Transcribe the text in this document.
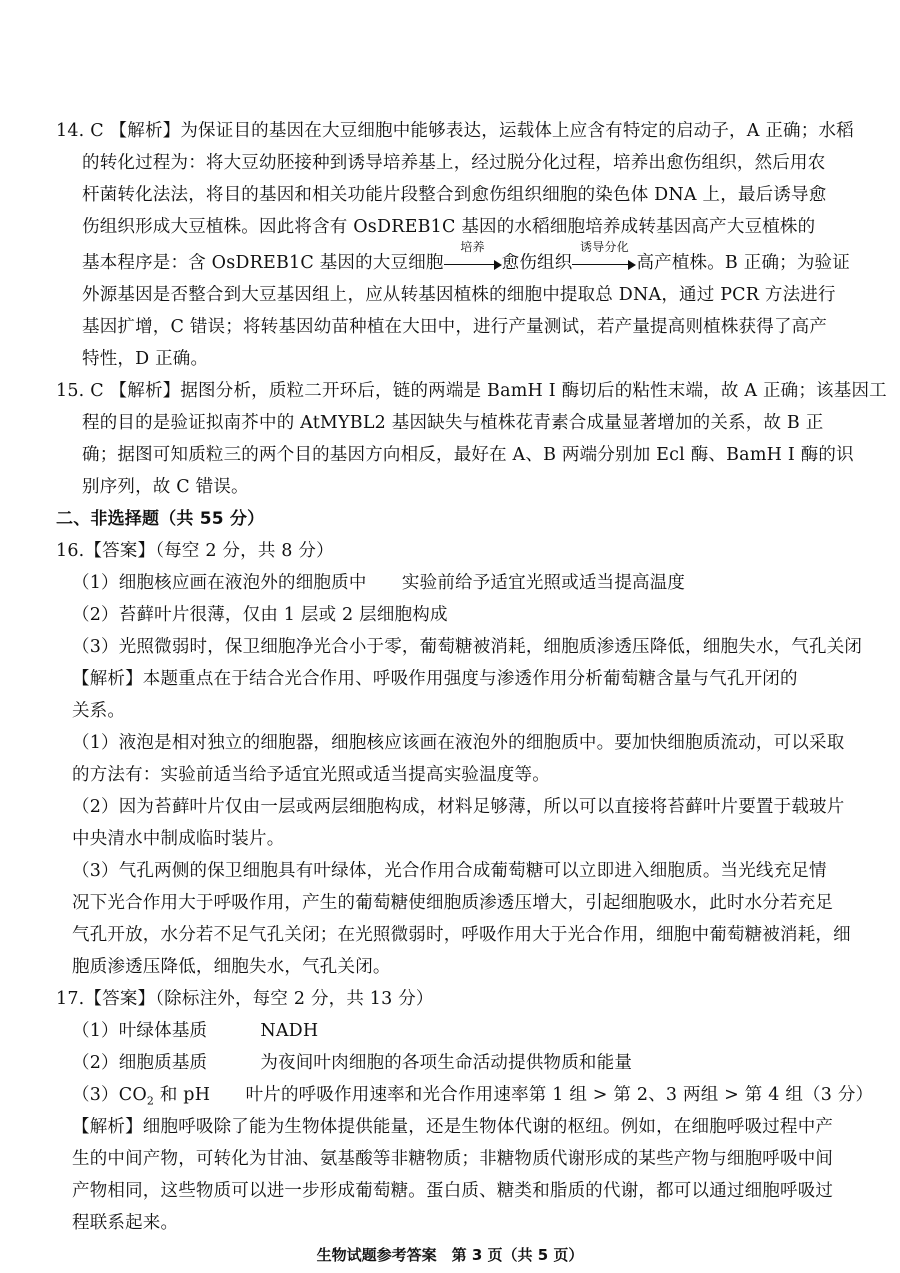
14. C 【解析】为保证目的基因在大豆细胞中能够表达，运载体上应含有特定的启动子，A 正确；水稻
的转化过程为：将大豆幼胚接种到诱导培养基上，经过脱分化过程，培养出愈伤组织，然后用农
杆菌转化法法，将目的基因和相关功能片段整合到愈伤组织细胞的染色体 DNA 上，最后诱导愈
伤组织形成大豆植株。因此将含有 OsDREB1C 基因的水稻细胞培养成转基因高产大豆植株的
基本程序是：含 OsDREB1C 基因的大豆细胞
培养
愈伤组织
诱导分化
高产植株。B 正确；为验证
外源基因是否整合到大豆基因组上，应从转基因植株的细胞中提取总 DNA，通过 PCR 方法进行
基因扩增，C 错误；将转基因幼苗种植在大田中，进行产量测试，若产量提高则植株获得了高产
特性，D 正确。
15. C 【解析】据图分析，质粒二开环后，链的两端是 BamH Ⅰ 酶切后的粘性末端，故 A 正确；该基因工
程的目的是验证拟南芥中的 AtMYBL2 基因缺失与植株花青素合成量显著增加的关系，故 B 正
确；据图可知质粒三的两个目的基因方向相反，最好在 A、B 两端分别加 Ecl 酶、BamH Ⅰ 酶的识
别序列，故 C 错误。
二、非选择题（共 55 分）
16.【答案】（每空 2 分，共 8 分）
（1）细胞核应画在液泡外的细胞质中　　实验前给予适宜光照或适当提高温度
（2）苔藓叶片很薄，仅由 1 层或 2 层细胞构成
（3）光照微弱时，保卫细胞净光合小于零，葡萄糖被消耗，细胞质渗透压降低，细胞失水，气孔关闭
【解析】本题重点在于结合光合作用、呼吸作用强度与渗透作用分析葡萄糖含量与气孔开闭的
关系。
（1）液泡是相对独立的细胞器，细胞核应该画在液泡外的细胞质中。要加快细胞质流动，可以采取
的方法有：实验前适当给予适宜光照或适当提高实验温度等。
（2）因为苔藓叶片仅由一层或两层细胞构成，材料足够薄，所以可以直接将苔藓叶片要置于载玻片
中央清水中制成临时装片。
（3）气孔两侧的保卫细胞具有叶绿体，光合作用合成葡萄糖可以立即进入细胞质。当光线充足情
况下光合作用大于呼吸作用，产生的葡萄糖使细胞质渗透压增大，引起细胞吸水，此时水分若充足
气孔开放，水分若不足气孔关闭；在光照微弱时，呼吸作用大于光合作用，细胞中葡萄糖被消耗，细
胞质渗透压降低，细胞失水，气孔关闭。
17.【答案】（除标注外，每空 2 分，共 13 分）
（1）叶绿体基质　　　NADH
（2）细胞质基质　　　为夜间叶肉细胞的各项生命活动提供物质和能量
$(3)CO_2$ 和 pH　　叶片的呼吸作用速率和光合作用速率第 1 组 > 第 2、3 两组 > 第 4 组（3 分）
【解析】细胞呼吸除了能为生物体提供能量，还是生物体代谢的枢纽。例如，在细胞呼吸过程中产
生的中间产物，可转化为甘油、氨基酸等非糖物质；非糖物质代谢形成的某些产物与细胞呼吸中间
产物相同，这些物质可以进一步形成葡萄糖。蛋白质、糖类和脂质的代谢，都可以通过细胞呼吸过
程联系起来。
生物试题参考答案　第 3 页（共 5 页）
